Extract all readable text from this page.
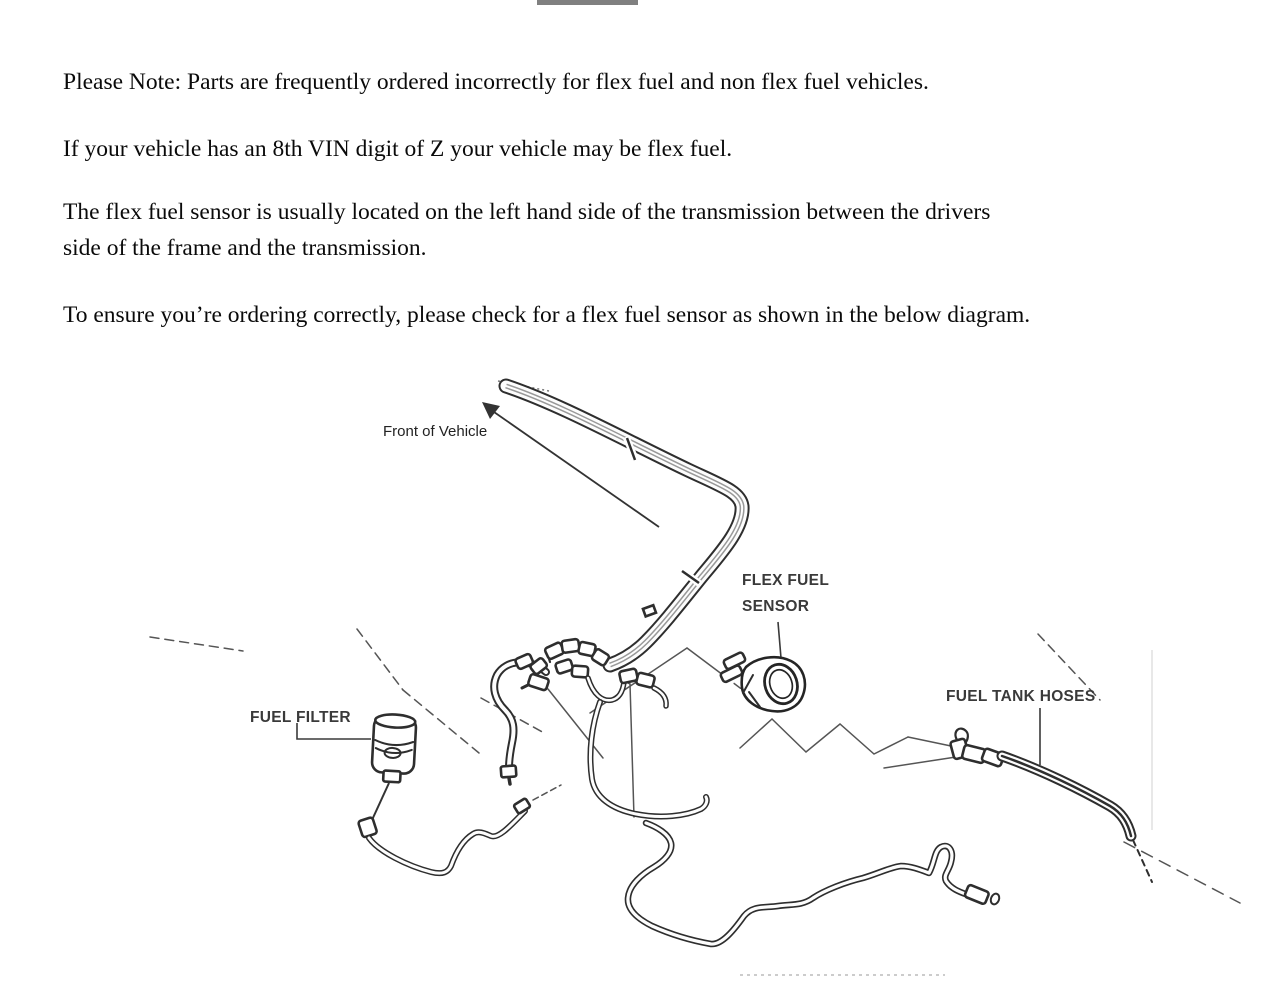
Please Note: Parts are frequently ordered incorrectly for flex fuel and non flex fuel vehicles.
If your vehicle has an 8th VIN digit of Z your vehicle may be flex fuel.
The flex fuel sensor is usually located on the left hand side of the transmission between the drivers
side of the frame and the transmission.
To ensure you’re ordering correctly, please check for a flex fuel sensor as shown in the below diagram.
Front of Vehicle
FLEX FUEL
SENSOR
FUEL FILTER
FUEL TANK HOSES
